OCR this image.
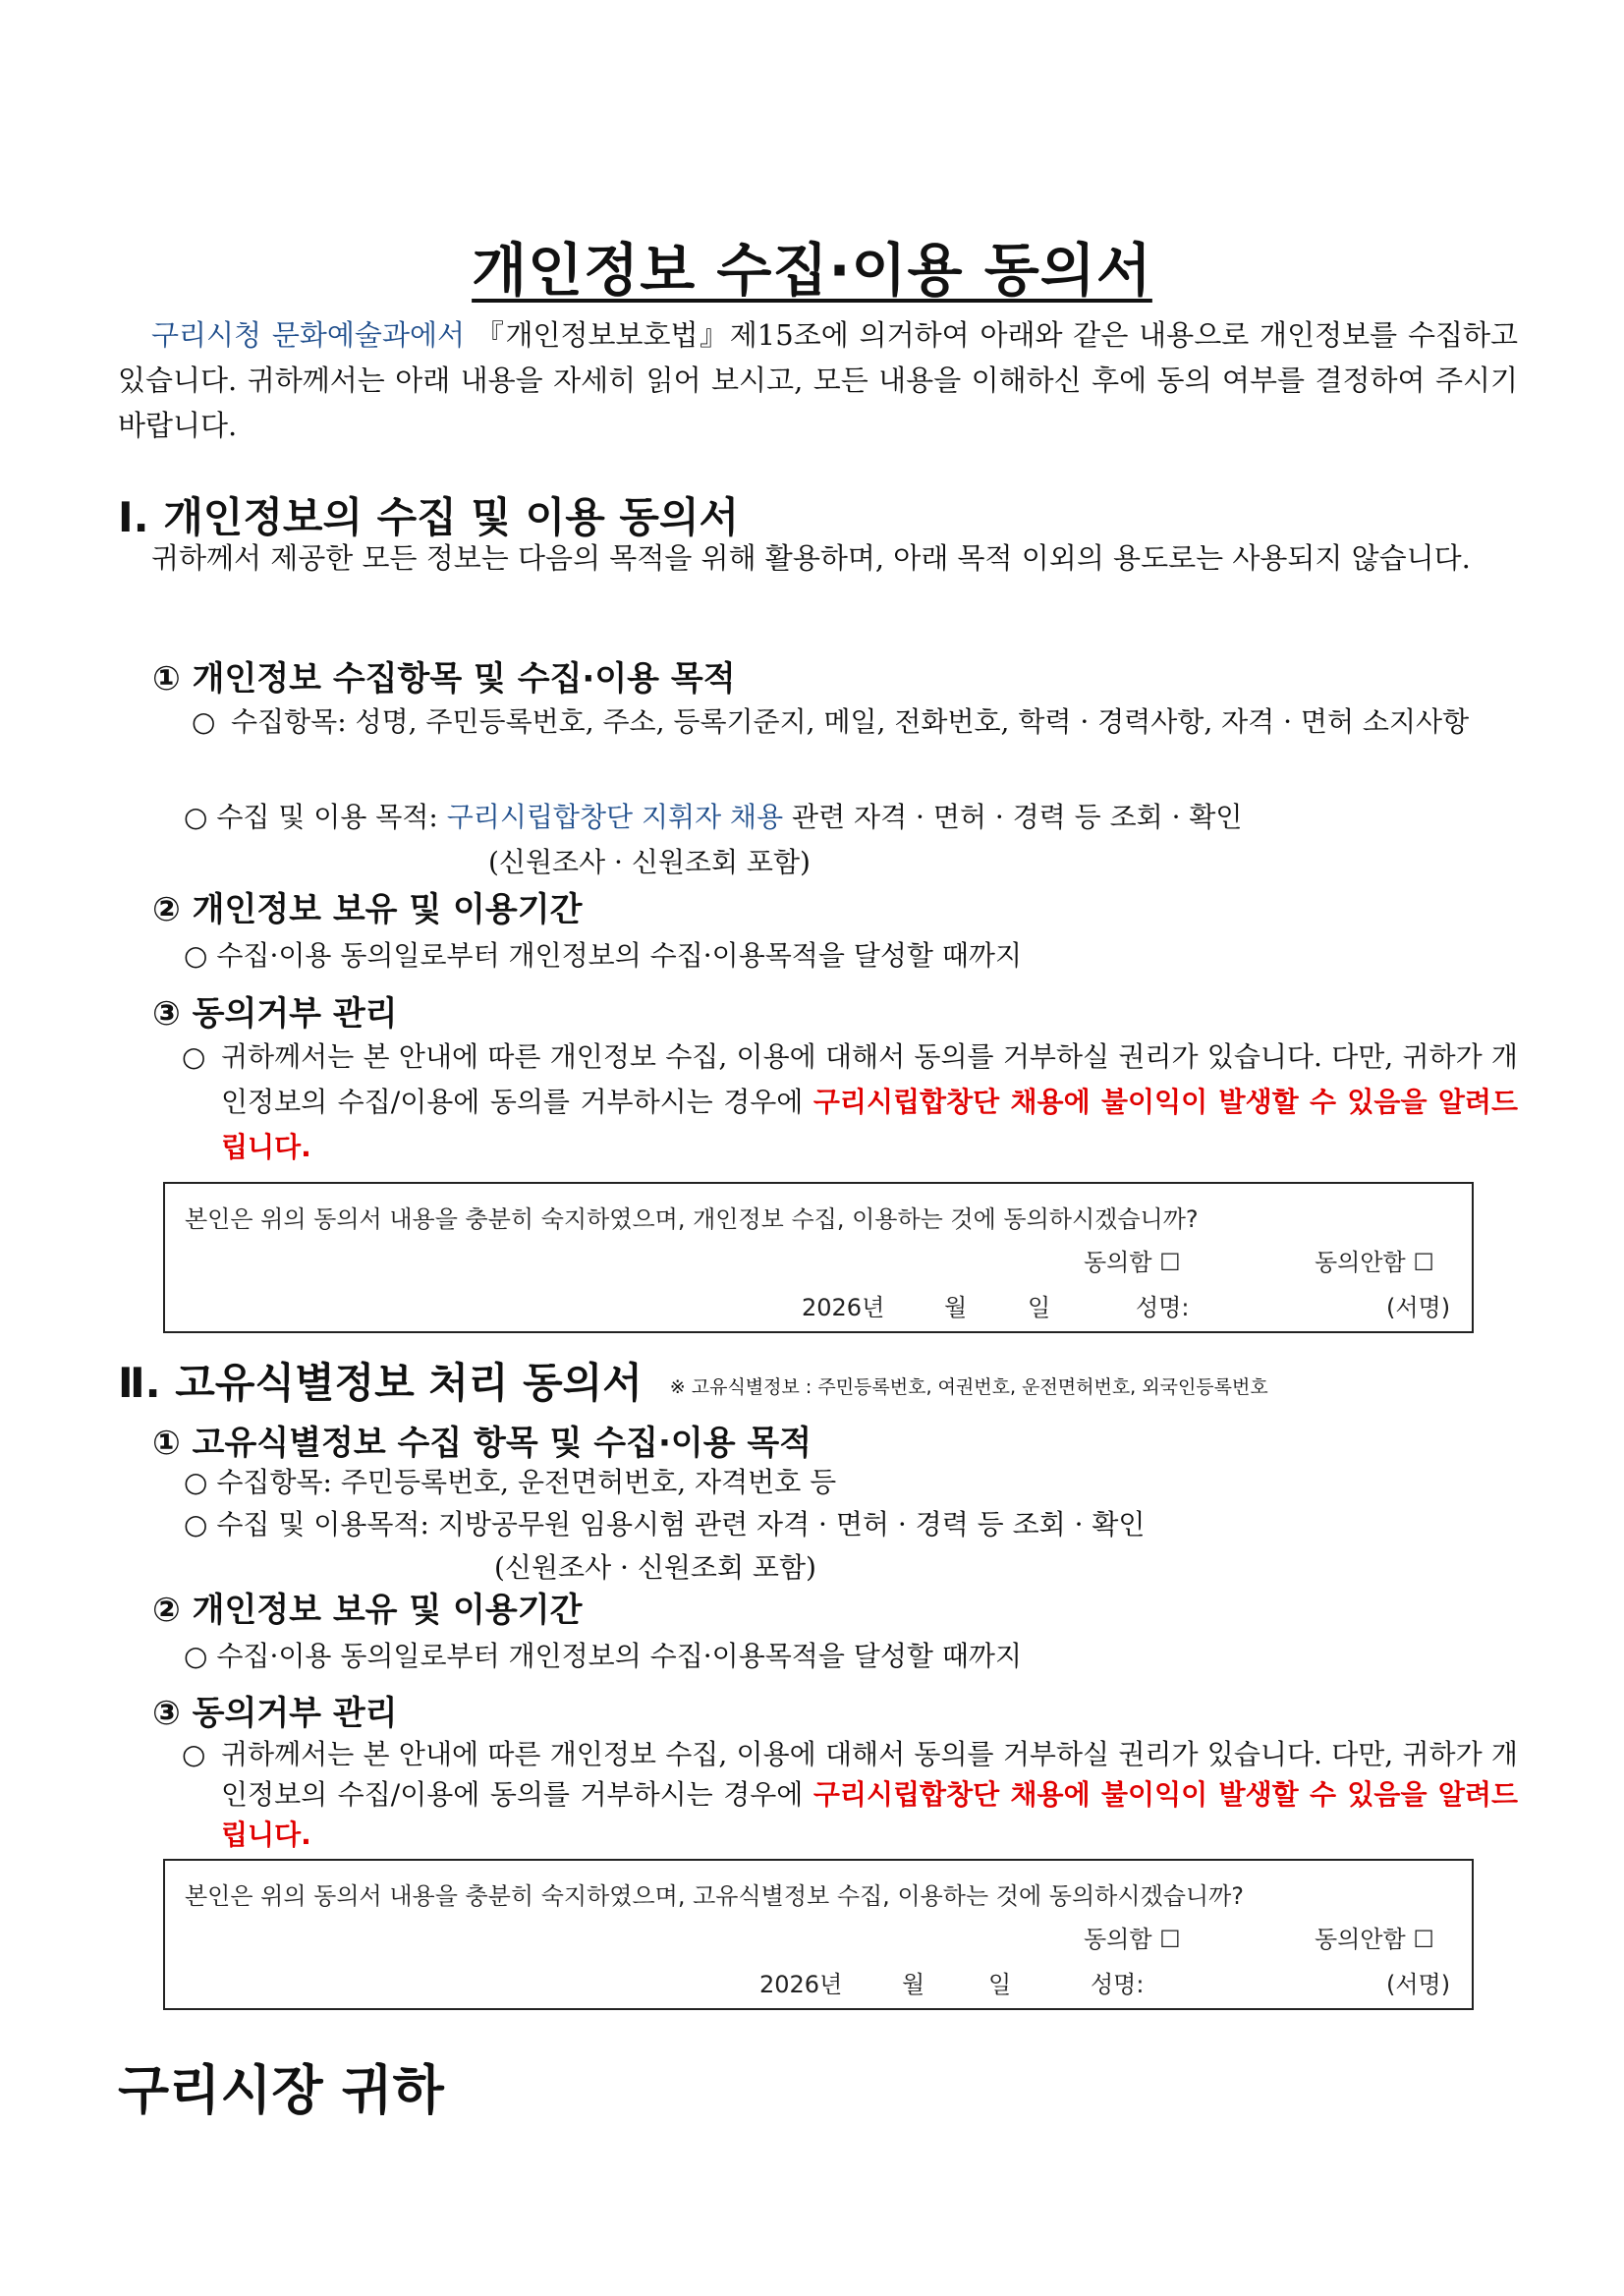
개인정보 수집·이용 동의서
구리시청 문화예술과에서 『개인정보보호법』제15조에 의거하여 아래와 같은 내용으로 개인정보를 수집하고 있습니다. 귀하께서는 아래 내용을 자세히 읽어 보시고, 모든 내용을 이해하신 후에 동의 여부를 결정하여 주시기 바랍니다.
Ⅰ. 개인정보의 수집 및 이용 동의서
귀하께서 제공한 모든 정보는 다음의 목적을 위해 활용하며, 아래 목적 이외의 용도로는 사용되지 않습니다.
① 개인정보 수집항목 및 수집·이용 목적
○ 수집항목: 성명, 주민등록번호, 주소, 등록기준지, 메일, 전화번호, 학력 · 경력사항, 자격 · 면허 소지사항
○ 수집 및 이용 목적: 구리시립합창단 지휘자 채용 관련 자격 · 면허 · 경력 등 조회 · 확인
(신원조사 · 신원조회 포함)
② 개인정보 보유 및 이용기간
○ 수집·이용 동의일로부터 개인정보의 수집·이용목적을 달성할 때까지
③ 동의거부 관리
○ 귀하께서는 본 안내에 따른 개인정보 수집, 이용에 대해서 동의를 거부하실 권리가 있습니다. 다만, 귀하가 개인정보의 수집/이용에 동의를 거부하시는 경우에 구리시립합창단 채용에 불이익이 발생할 수 있음을 알려드립니다.
본인은 위의 동의서 내용을 충분히 숙지하였으며, 개인정보 수집, 이용하는 것에 동의하시겠습니까?
동의함 ☐	동의안함 ☐
2026년	월	일	성명:	(서명)
Ⅱ. 고유식별정보 처리 동의서 ※ 고유식별정보 : 주민등록번호, 여권번호, 운전면허번호, 외국인등록번호
① 고유식별정보 수집 항목 및 수집·이용 목적
○ 수집항목: 주민등록번호, 운전면허번호, 자격번호 등
○ 수집 및 이용목적: 지방공무원 임용시험 관련 자격 · 면허 · 경력 등 조회 · 확인
(신원조사 · 신원조회 포함)
② 개인정보 보유 및 이용기간
○ 수집·이용 동의일로부터 개인정보의 수집·이용목적을 달성할 때까지
③ 동의거부 관리
○ 귀하께서는 본 안내에 따른 개인정보 수집, 이용에 대해서 동의를 거부하실 권리가 있습니다. 다만, 귀하가 개인정보의 수집/이용에 동의를 거부하시는 경우에 구리시립합창단 채용에 불이익이 발생할 수 있음을 알려드립니다.
본인은 위의 동의서 내용을 충분히 숙지하였으며, 고유식별정보 수집, 이용하는 것에 동의하시겠습니까?
동의함 ☐	동의안함 ☐
2026년	월	일	성명:	(서명)
구리시장 귀하
